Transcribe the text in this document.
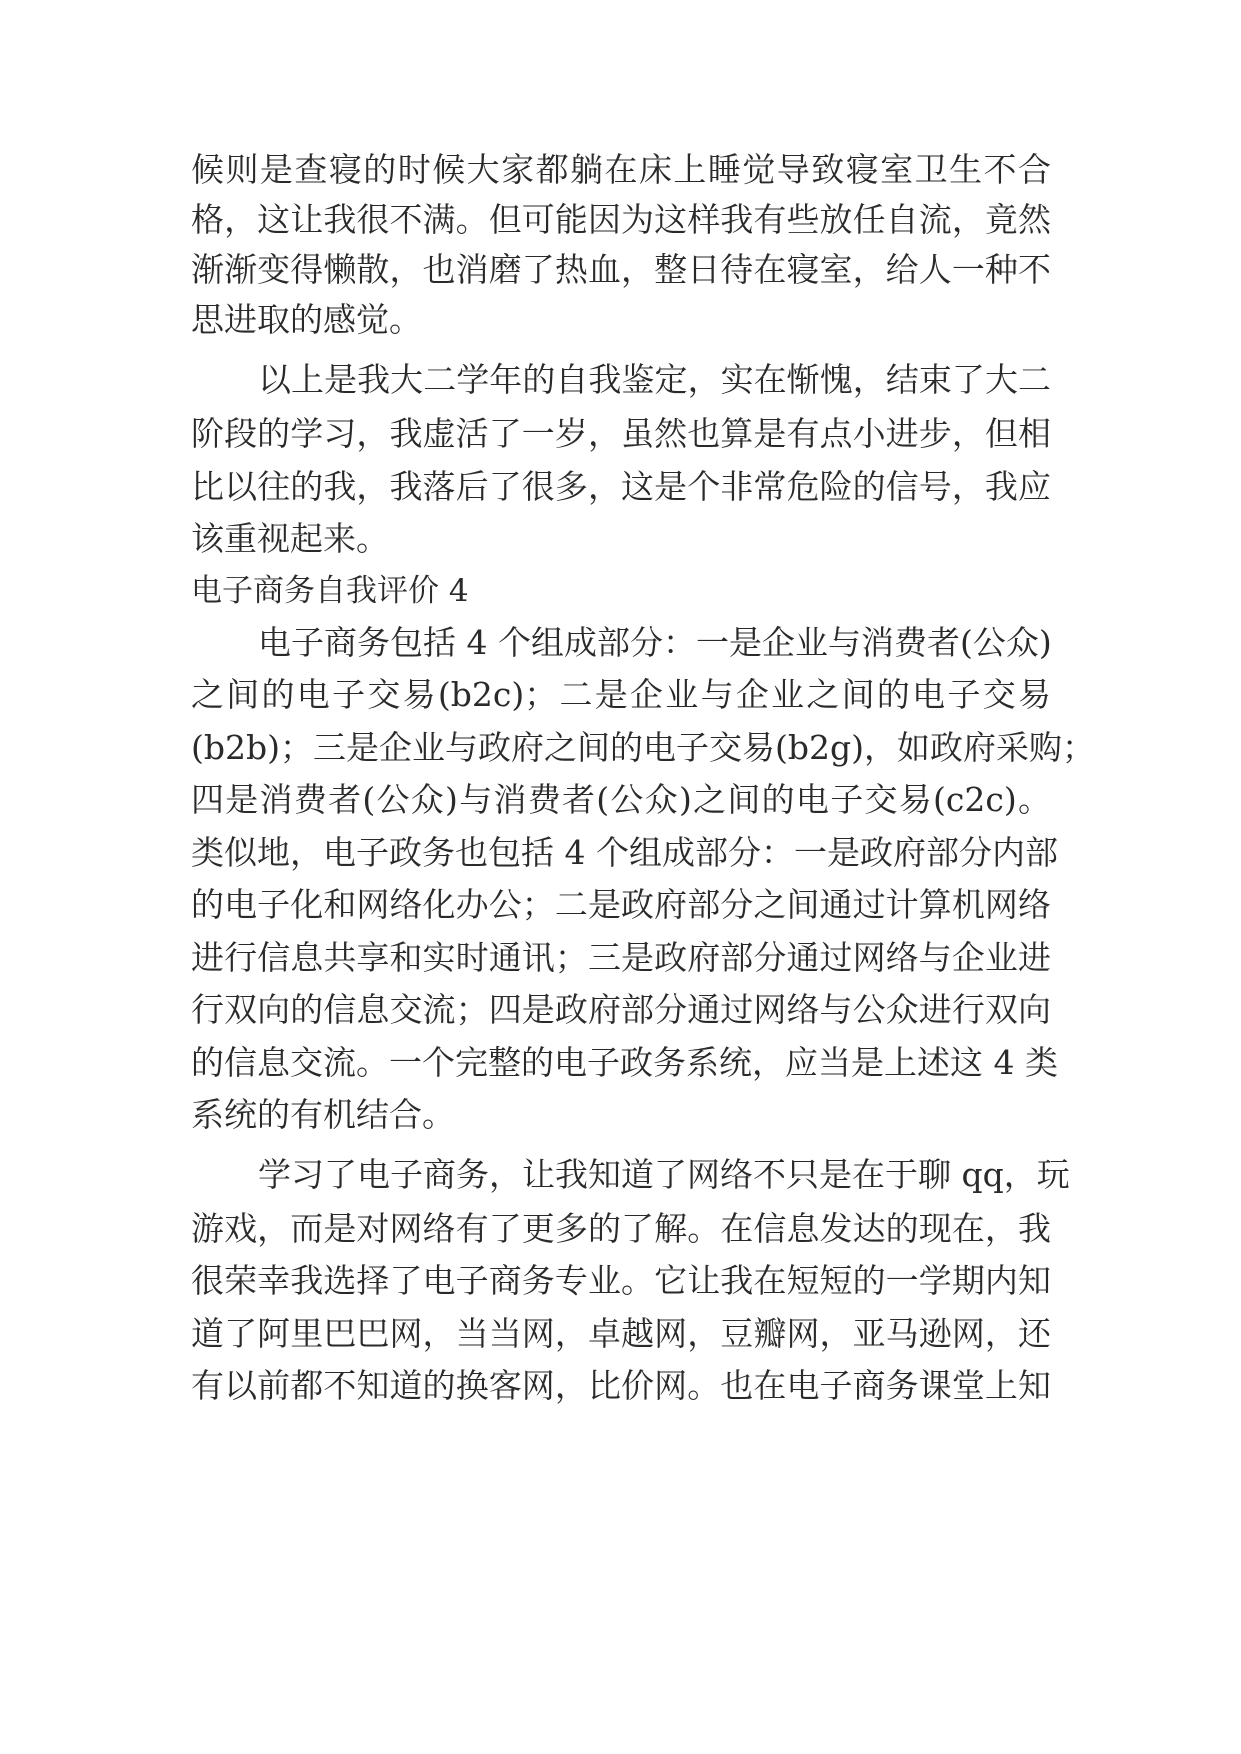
候则是查寝的时候大家都躺在床上睡觉导致寝室卫生不合
格，这让我很不满。但可能因为这样我有些放任自流，竟然
渐渐变得懒散，也消磨了热血，整日待在寝室，给人一种不
思进取的感觉。
以上是我大二学年的自我鉴定，实在惭愧，结束了大二
阶段的学习，我虚活了一岁，虽然也算是有点小进步，但相
比以往的我，我落后了很多，这是个非常危险的信号，我应
该重视起来。
电子商务自我评价 4
电子商务包括 4 个组成部分：一是企业与消费者(公众)
之间的电子交易(b2c)；二是企业与企业之间的电子交易
(b2b)；三是企业与政府之间的电子交易(b2g)，如政府采购；
四是消费者(公众)与消费者(公众)之间的电子交易(c2c)。
类似地，电子政务也包括 4 个组成部分：一是政府部分内部
的电子化和网络化办公；二是政府部分之间通过计算机网络
进行信息共享和实时通讯；三是政府部分通过网络与企业进
行双向的信息交流；四是政府部分通过网络与公众进行双向
的信息交流。一个完整的电子政务系统，应当是上述这 4 类
系统的有机结合。
学习了电子商务，让我知道了网络不只是在于聊 qq，玩
游戏，而是对网络有了更多的了解。在信息发达的现在，我
很荣幸我选择了电子商务专业。它让我在短短的一学期内知
道了阿里巴巴网，当当网，卓越网，豆瓣网，亚马逊网，还
有以前都不知道的换客网，比价网。也在电子商务课堂上知
